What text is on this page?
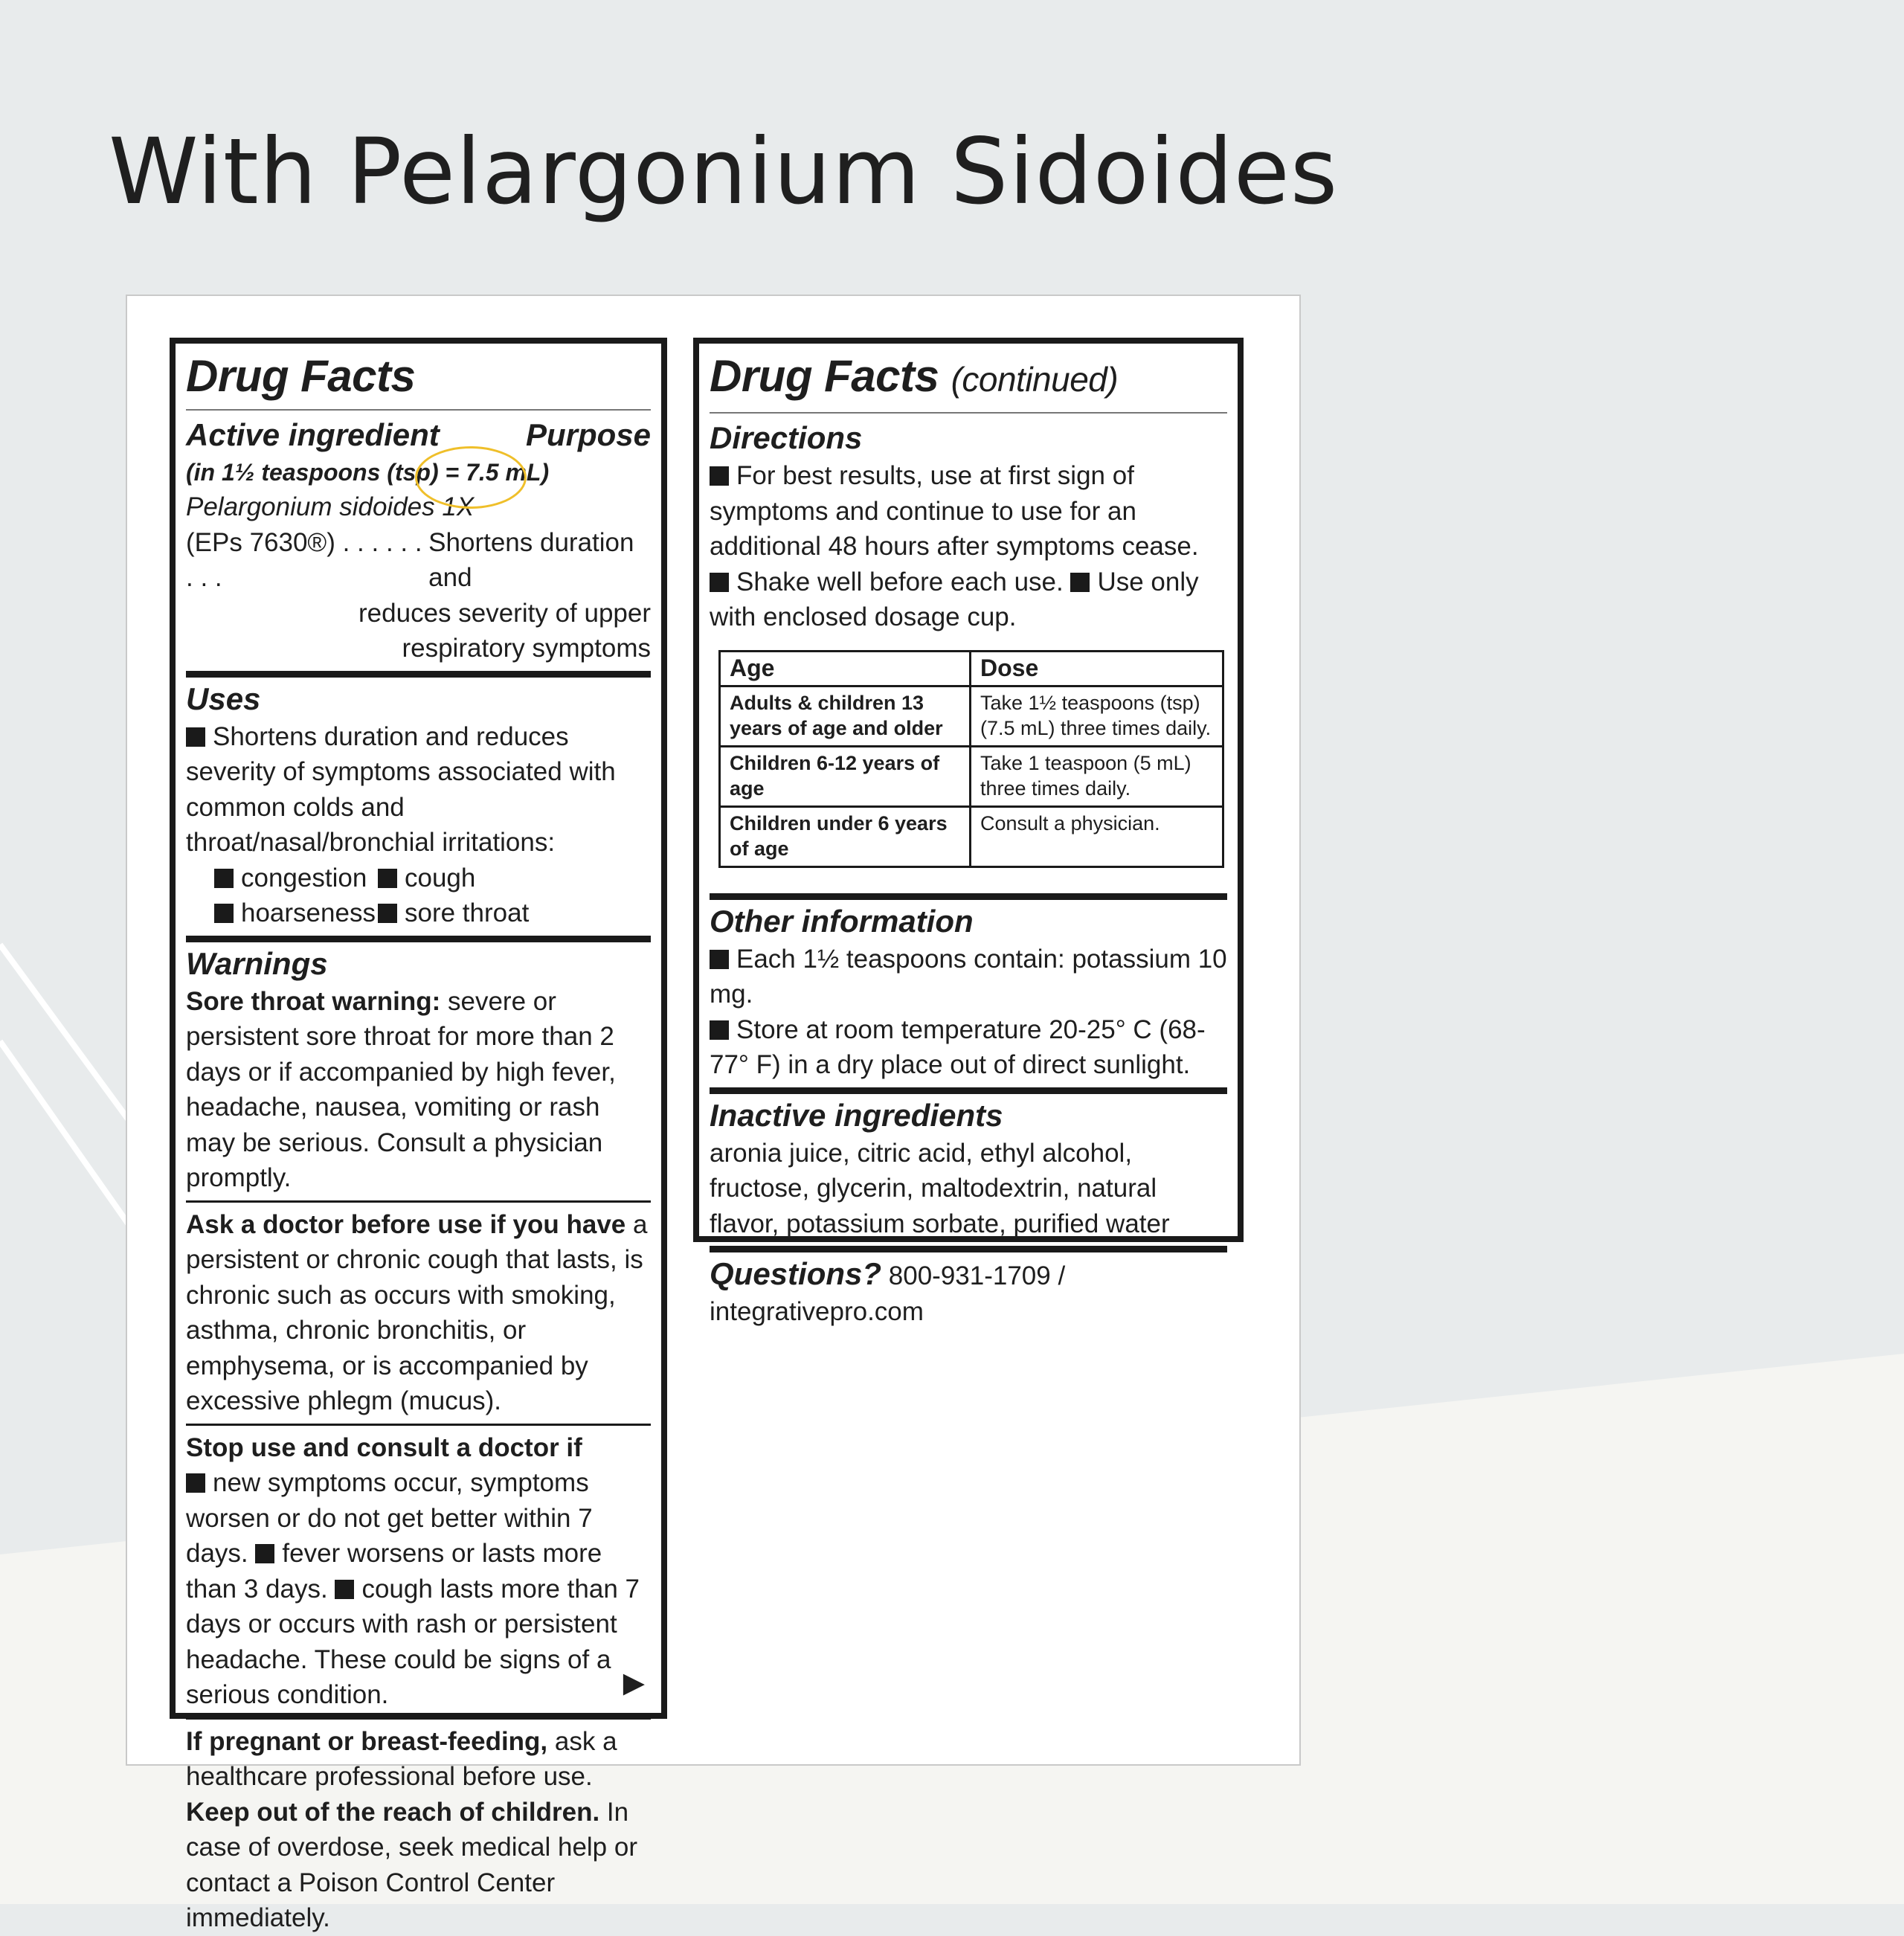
With Pelargonium Sidoides
Drug Facts
Active ingredient	Purpose
(in 1½ teaspoons (tsp) = 7.5 mL)
Pelargonium sidoides 1X
(EPs 7630®) . . . . . . . . .
Shortens duration and
reduces severity of upper
respiratory symptoms
Uses
Shortens duration and reduces severity of symptoms associated with common colds and throat/nasal/bronchial irritations:
congestion cough
hoarseness sore throat
Warnings
Sore throat warning: severe or persistent sore throat for more than 2 days or if accompanied by high fever, headache, nausea, vomiting or rash may be serious. Consult a physician promptly.
Ask a doctor before use if you have a persistent or chronic cough that lasts, is chronic such as occurs with smoking, asthma, chronic bronchitis, or emphysema, or is accompanied by excessive phlegm (mucus).
Stop use and consult a doctor if
new symptoms occur, symptoms worsen or do not get better within 7 days. fever worsens or lasts more than 3 days. cough lasts more than 7 days or occurs with rash or persistent headache. These could be signs of a serious condition.
If pregnant or breast-feeding, ask a healthcare professional before use. Keep out of the reach of children. In case of overdose, seek medical help or contact a Poison Control Center immediately.
▶
Drug Facts (continued)
Directions
For best results, use at first sign of symptoms and continue to use for an additional 48 hours after symptoms cease. Shake well before each use. Use only with enclosed dosage cup.
Age	Dose
Adults & children 13 years of age and older	Take 1½ teaspoons (tsp) (7.5 mL) three times daily.
Children 6-12 years of age	Take 1 teaspoon (5 mL) three times daily.
Children under 6 years of age	Consult a physician.
Other information
Each 1½ teaspoons contain: potassium 10 mg.
Store at room temperature 20-25° C (68-77° F) in a dry place out of direct sunlight.
Inactive ingredients
aronia juice, citric acid, ethyl alcohol, fructose, glycerin, maltodextrin, natural flavor, potassium sorbate, purified water
Questions? 800-931-1709 / integrativepro.com
